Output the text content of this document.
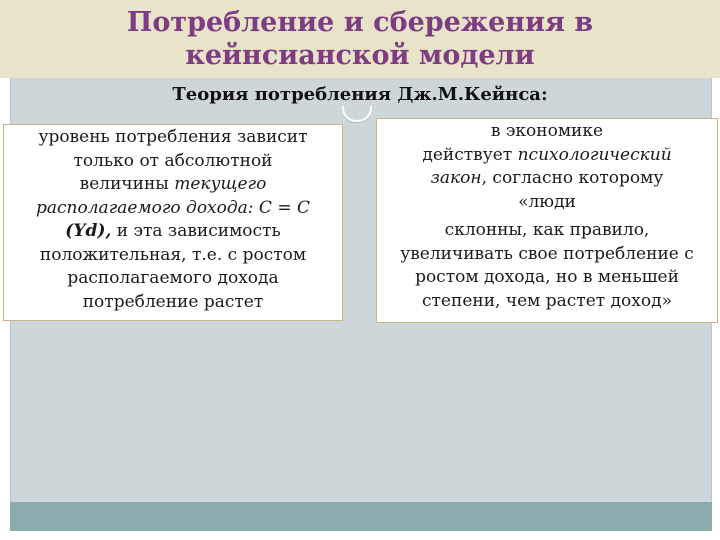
Потребление и сбережения в
кейнсианской модели
Теория потребления Дж.М.Кейнса:

уровень потребления зависит
только от абсолютной
величины текущего
располагаемого дохода: С = С
(Yd), и эта зависимость
положительная, т.е. с ростом
располагаемого дохода
потребление растет

в экономике
действует психологический
закон, согласно которому
«люди

склонны, как правило,
увеличивать свое потребление с
ростом дохода, но в меньшей
степени, чем растет доход»
